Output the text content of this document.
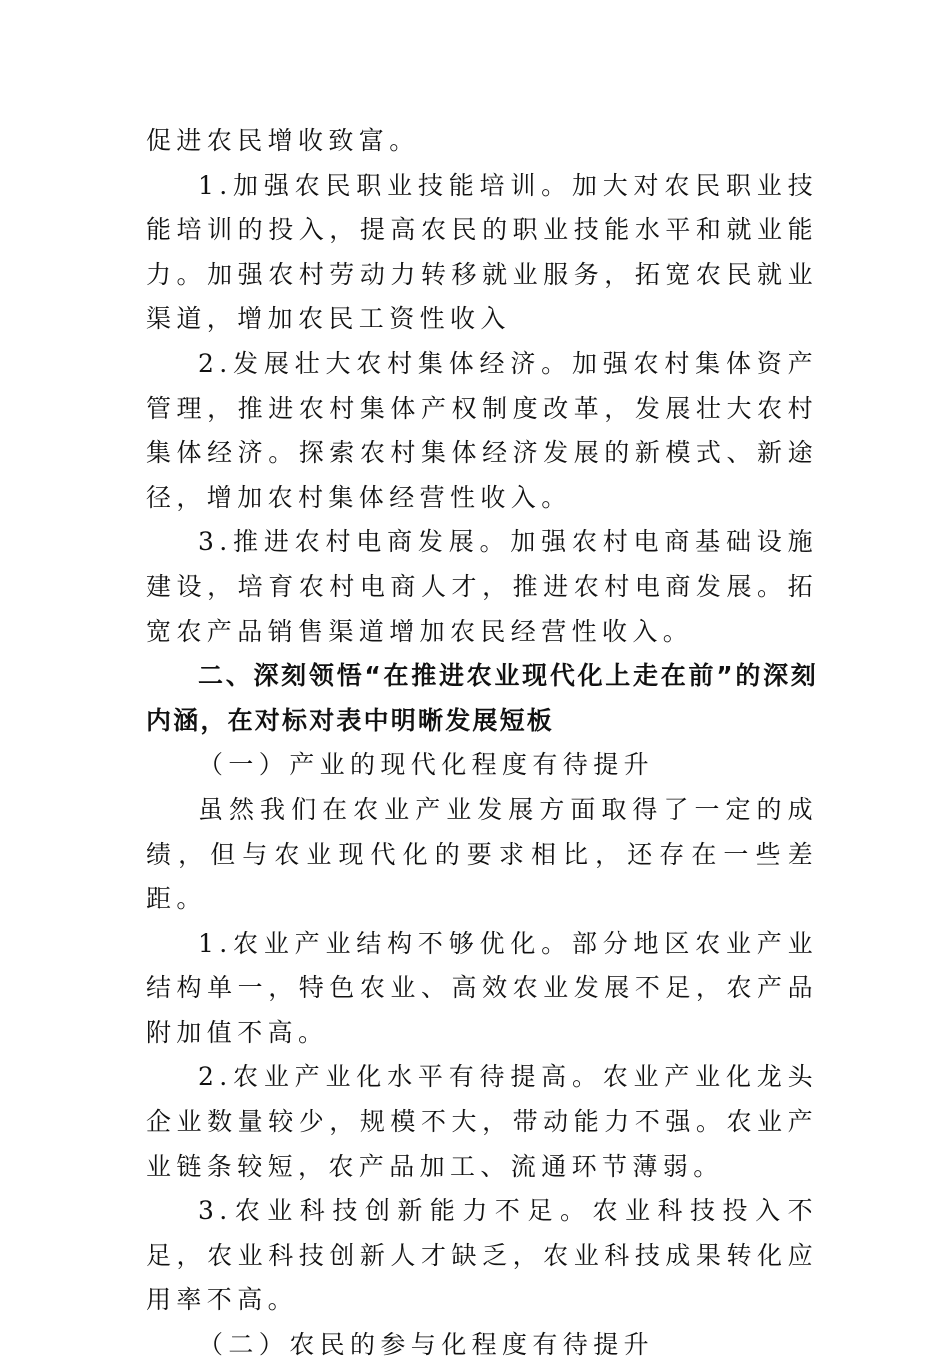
促进农民增收致富。

1.加强农民职业技能培训。加大对农民职业技能培训的投入，提高农民的职业技能水平和就业能力。加强农村劳动力转移就业服务，拓宽农民就业渠道，增加农民工资性收入

2.发展壮大农村集体经济。加强农村集体资产管理，推进农村集体产权制度改革，发展壮大农村集体经济。探索农村集体经济发展的新模式、新途径，增加农村集体经营性收入。

3.推进农村电商发展。加强农村电商基础设施建设，培育农村电商人才，推进农村电商发展。拓宽农产品销售渠道增加农民经营性收入。

二、深刻领悟“在推进农业现代化上走在前”的深刻内涵，在对标对表中明晰发展短板

（一）产业的现代化程度有待提升

虽然我们在农业产业发展方面取得了一定的成绩，但与农业现代化的要求相比，还存在一些差距。

1.农业产业结构不够优化。部分地区农业产业结构单一，特色农业、高效农业发展不足，农产品附加值不高。

2.农业产业化水平有待提高。农业产业化龙头企业数量较少，规模不大，带动能力不强。农业产业链条较短，农产品加工、流通环节薄弱。

3.农业科技创新能力不足。农业科技投入不足，农业科技创新人才缺乏，农业科技成果转化应用率不高。

（二）农民的参与化程度有待提升
